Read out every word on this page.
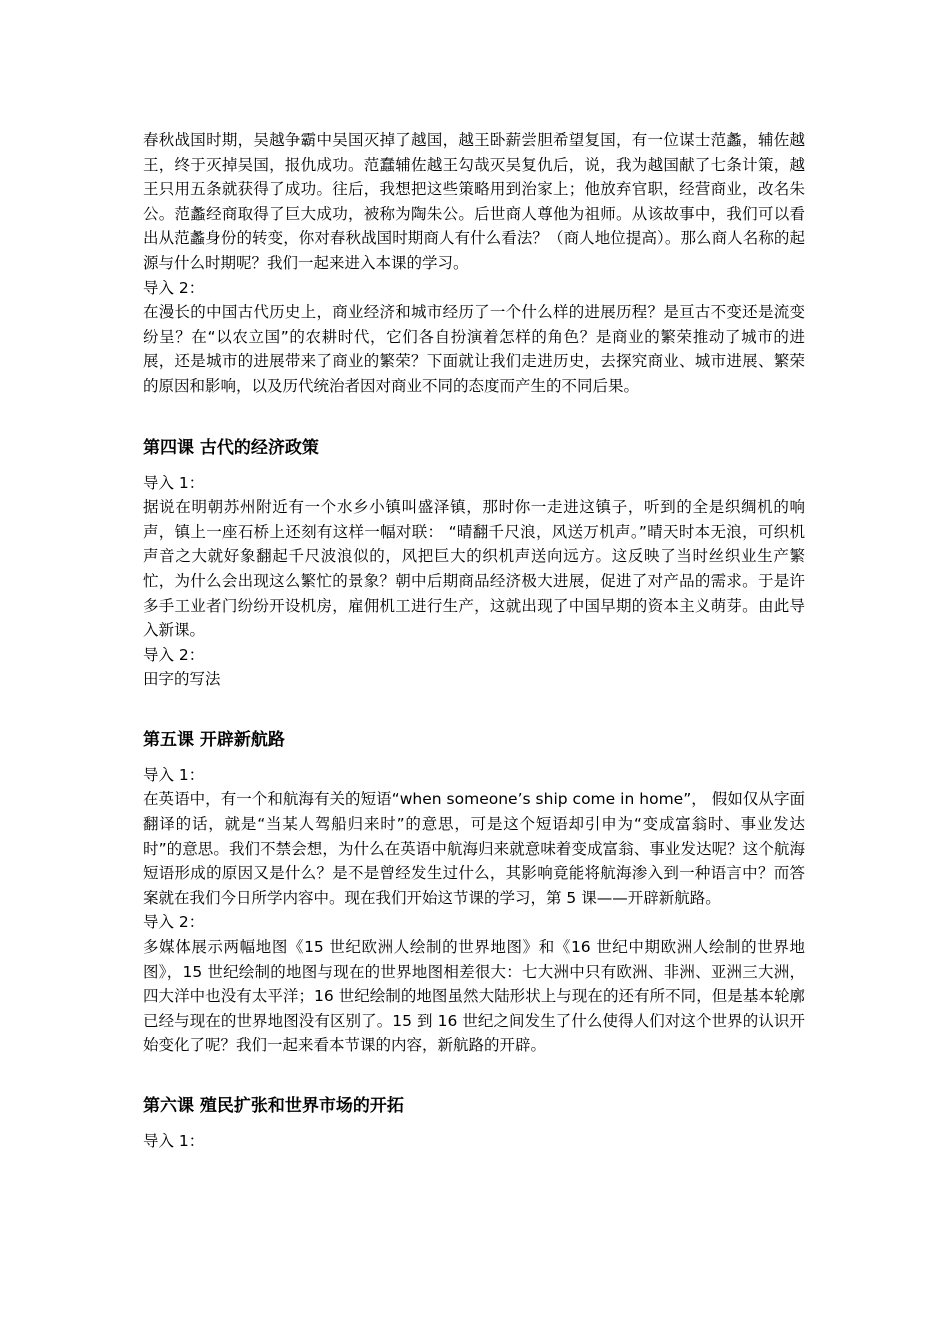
春秋战国时期，吴越争霸中吴国灭掉了越国，越王卧薪尝胆希望复国，有一位谋士范蠡，辅佐越王，终于灭掉吴国，报仇成功。范蠢辅佐越王勾哉灭吴复仇后，说，我为越国献了七条计策，越王只用五条就获得了成功。往后，我想把这些策略用到治家上；他放弃官职，经营商业，改名朱公。范蠡经商取得了巨大成功，被称为陶朱公。后世商人尊他为祖师。从该故事中，我们可以看出从范蠡身份的转变，你对春秋战国时期商人有什么看法？（商人地位提高）。那么商人名称的起源与什么时期呢？我们一起来进入本课的学习。

导入 2：

在漫长的中国古代历史上，商业经济和城市经历了一个什么样的进展历程？是亘古不变还是流变纷呈？在“以农立国”的农耕时代，它们各自扮演着怎样的角色？是商业的繁荣推动了城市的进展，还是城市的进展带来了商业的繁荣？下面就让我们走进历史，去探究商业、城市进展、繁荣的原因和影响，以及历代统治者因对商业不同的态度而产生的不同后果。

第四课 古代的经济政策

导入 1：

据说在明朝苏州附近有一个水乡小镇叫盛泽镇，那时你一走进这镇子，听到的全是织绸机的响声，镇上一座石桥上还刻有这样一幅对联： “晴翻千尺浪，风送万机声。”晴天时本无浪，可织机声音之大就好象翻起千尺波浪似的，风把巨大的织机声送向远方。这反映了当时丝织业生产繁忙，为什么会出现这么繁忙的景象？朝中后期商品经济极大进展，促进了对产品的需求。于是许多手工业者门纷纷开设机房，雇佣机工进行生产，这就出现了中国早期的资本主义萌芽。由此导入新课。

导入 2：

田字的写法

第五课 开辟新航路

导入 1：

在英语中，有一个和航海有关的短语“when someone’s ship come in home”， 假如仅从字面翻译的话，就是“当某人驾船归来时”的意思，可是这个短语却引申为“变成富翁时、事业发达时”的意思。我们不禁会想，为什么在英语中航海归来就意味着变成富翁、事业发达呢？这个航海短语形成的原因又是什么？是不是曾经发生过什么，其影响竟能将航海渗入到一种语言中？而答案就在我们今日所学内容中。现在我们开始这节课的学习，第 5 课——开辟新航路。

导入 2：

多媒体展示两幅地图《15 世纪欧洲人绘制的世界地图》和《16 世纪中期欧洲人绘制的世界地图》，15 世纪绘制的地图与现在的世界地图相差很大：七大洲中只有欧洲、非洲、亚洲三大洲，四大洋中也没有太平洋；16 世纪绘制的地图虽然大陆形状上与现在的还有所不同，但是基本轮廓已经与现在的世界地图没有区别了。15 到 16 世纪之间发生了什么使得人们对这个世界的认识开始变化了呢？我们一起来看本节课的内容，新航路的开辟。

第六课 殖民扩张和世界市场的开拓

导入 1：
